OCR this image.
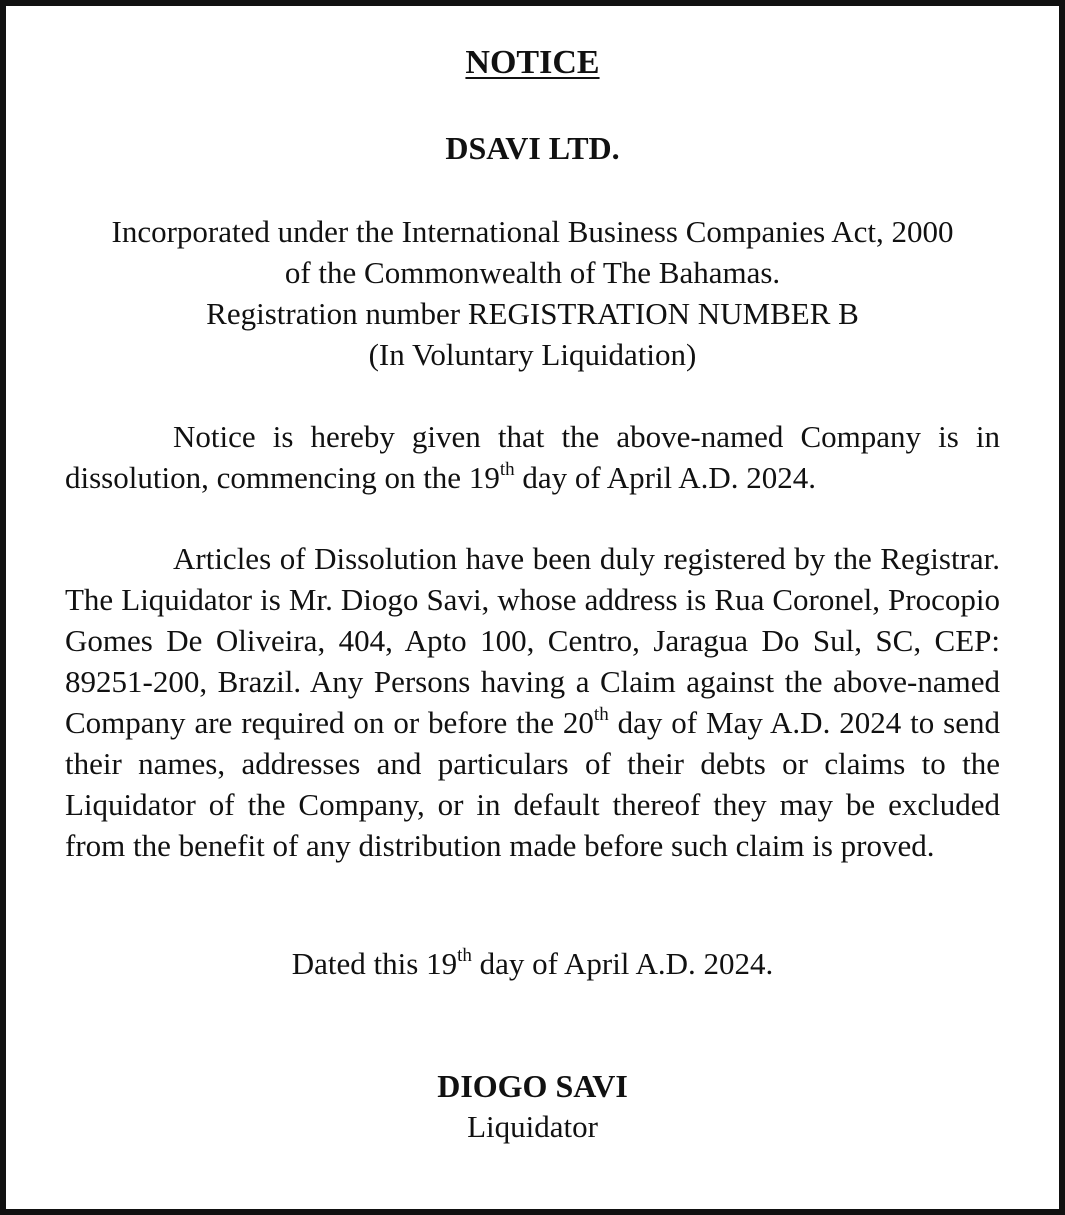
NOTICE
DSAVI LTD.
Incorporated under the International Business Companies Act, 2000
of the Commonwealth of The Bahamas.
Registration number REGISTRATION NUMBER B
(In Voluntary Liquidation)
Notice is hereby given that the above-named Company is in dissolution, commencing on the 19th day of April A.D. 2024.
Articles of Dissolution have been duly registered by the Registrar. The Liquidator is Mr. Diogo Savi, whose address is Rua Coronel, Procopio Gomes De Oliveira, 404, Apto 100, Centro, Jaragua Do Sul, SC, CEP: 89251-200, Brazil. Any Persons having a Claim against the above-named Company are required on or before the 20th day of May A.D. 2024 to send their names, addresses and particulars of their debts or claims to the Liquidator of the Company, or in default thereof they may be excluded from the benefit of any distribution made before such claim is proved.
Dated this 19th day of April A.D. 2024.
DIOGO SAVI
Liquidator
